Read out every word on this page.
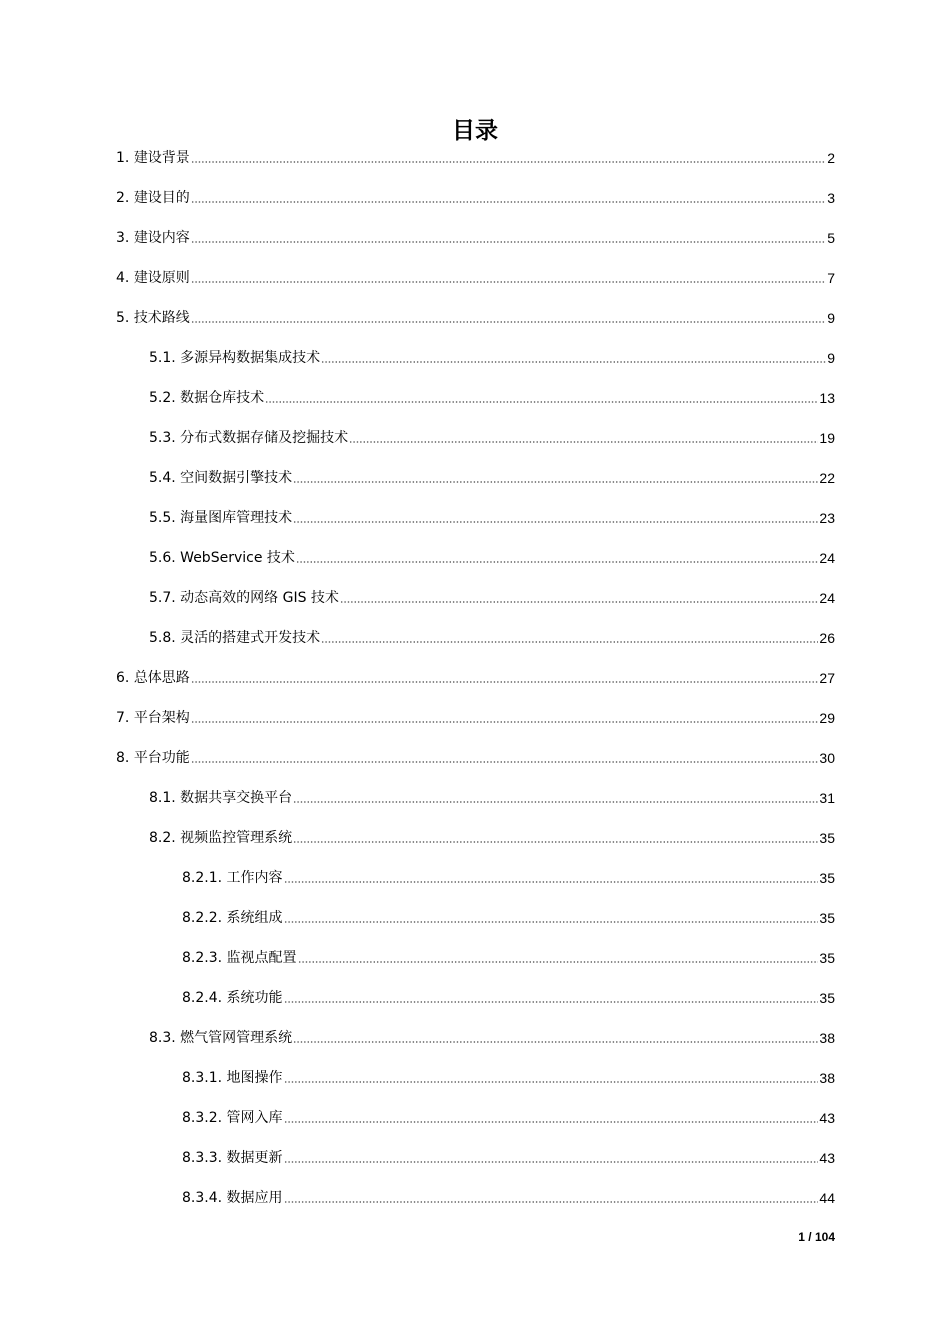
目录
1. 建设背景	2
2. 建设目的	3
3. 建设内容	5
4. 建设原则	7
5. 技术路线	9
5.1. 多源异构数据集成技术	9
5.2. 数据仓库技术	13
5.3. 分布式数据存储及挖掘技术	19
5.4. 空间数据引擎技术	22
5.5. 海量图库管理技术	23
5.6. WebService 技术	24
5.7. 动态高效的网络 GIS 技术	24
5.8. 灵活的搭建式开发技术	26
6. 总体思路	27
7. 平台架构	29
8. 平台功能	30
8.1. 数据共享交换平台	31
8.2. 视频监控管理系统	35
8.2.1. 工作内容	35
8.2.2. 系统组成	35
8.2.3. 监视点配置	35
8.2.4. 系统功能	35
8.3. 燃气管网管理系统	38
8.3.1. 地图操作	38
8.3.2. 管网入库	43
8.3.3. 数据更新	43
8.3.4. 数据应用	44
1 / 104
